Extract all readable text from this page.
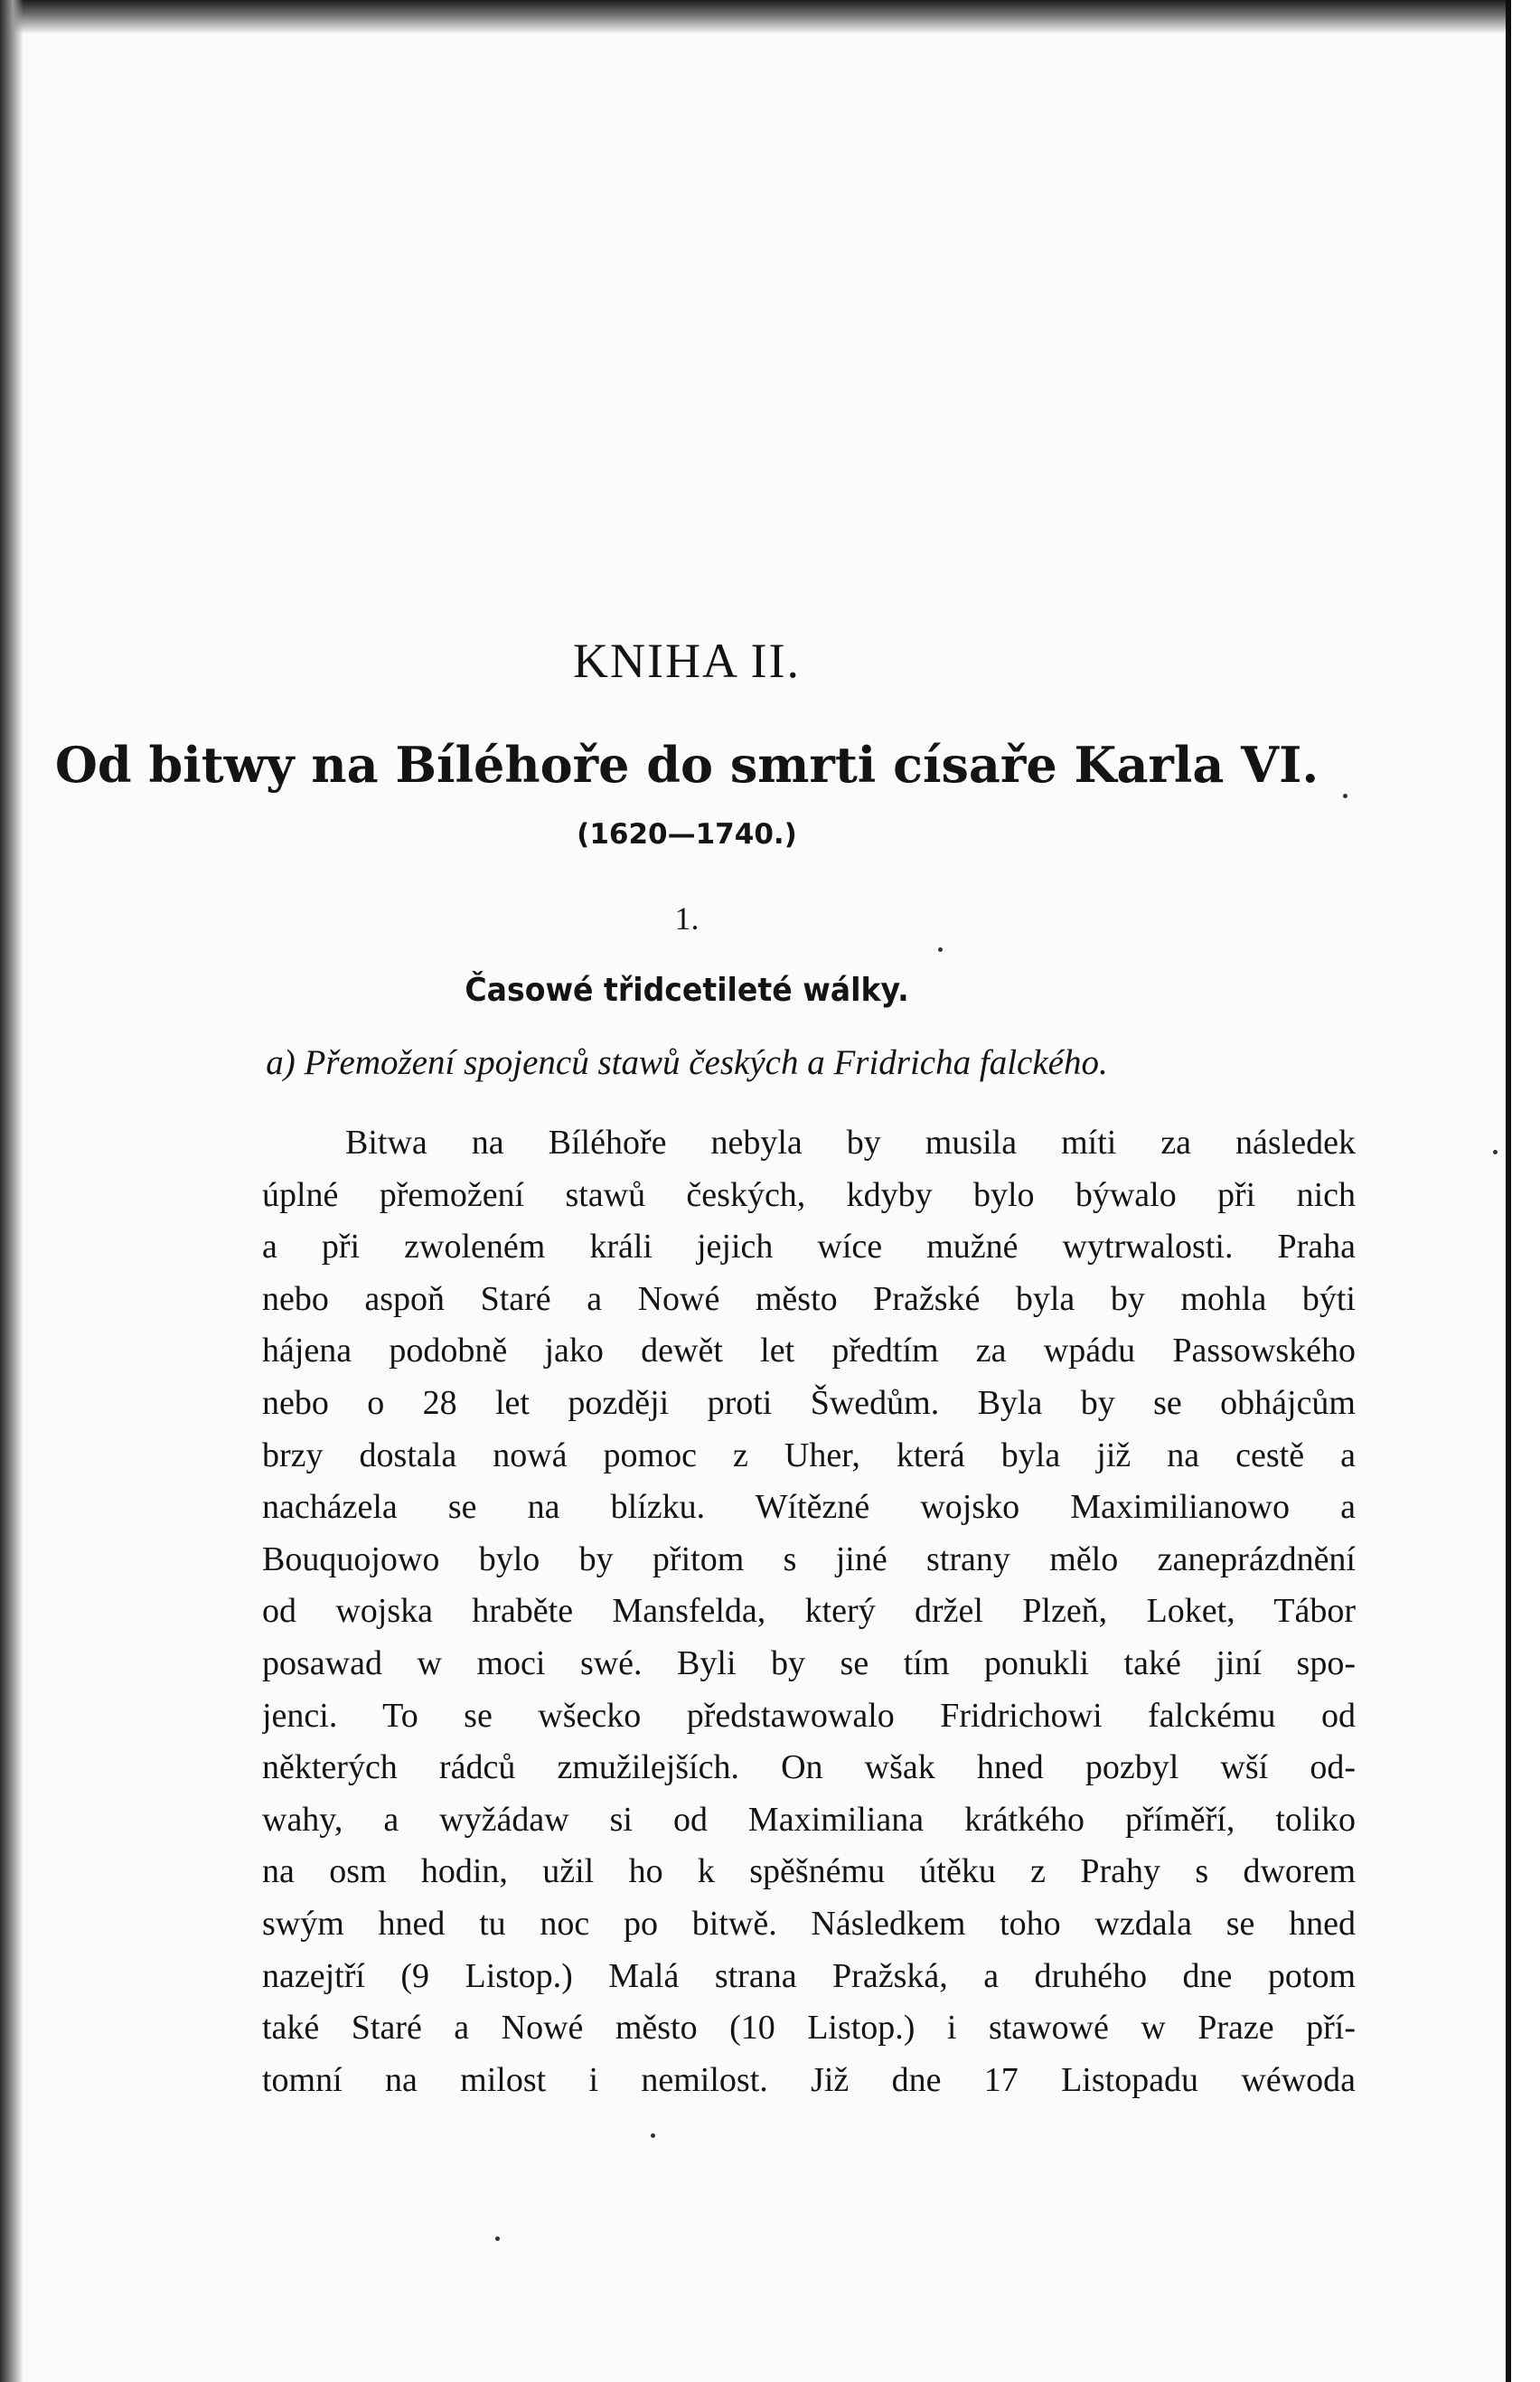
KNIHA II.
Od bitwy na Bíléhoře do smrti císaře Karla VI.
(1620—1740.)
1.
Časowé třidcetileté wálky.
a) Přemožení spojenců stawů českých a Fridricha falckého.
Bitwa na Bíléhoře nebyla by musila míti za následek
úplné přemožení stawů českých, kdyby bylo býwalo při nich
a při zwoleném králi jejich wíce mužné wytrwalosti. Praha
nebo aspoň Staré a Nowé město Pražské byla by mohla býti
hájena podobně jako dewět let předtím za wpádu Passowského
nebo o 28 let později proti Šwedům. Byla by se obhájcům
brzy dostala nowá pomoc z Uher, která byla již na cestě a
nacházela se na blízku. Wítězné wojsko Maximilianowo a
Bouquojowo bylo by přitom s jiné strany mělo zaneprázdnění
od wojska hraběte Mansfelda, který držel Plzeň, Loket, Tábor
posawad w moci swé. Byli by se tím ponukli také jiní spo-
jenci. To se wšecko předstawowalo Fridrichowi falckému od
některých rádců zmužilejších. On wšak hned pozbyl wší od-
wahy, a wyžádaw si od Maximiliana krátkého příměří, toliko
na osm hodin, užil ho k spěšnému útěku z Prahy s dworem
swým hned tu noc po bitwě. Následkem toho wzdala se hned
nazejtří (9 Listop.) Malá strana Pražská, a druhého dne potom
také Staré a Nowé město (10 Listop.) i stawowé w Praze pří-
tomní na milost i nemilost. Již dne 17 Listopadu wéwoda
